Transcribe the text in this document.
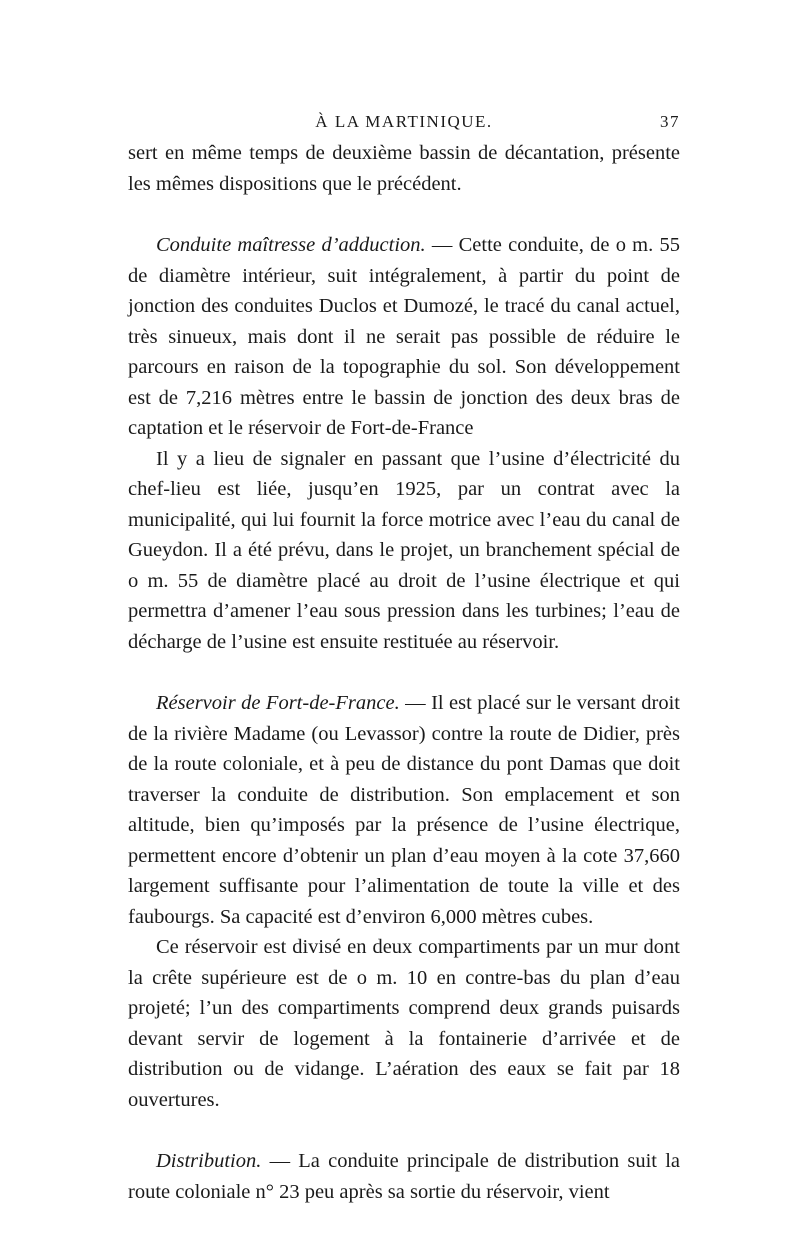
À LA MARTINIQUE.	37

sert en même temps de deuxième bassin de décantation, présente les mêmes dispositions que le précédent.

Conduite maîtresse d’adduction. — Cette conduite, de o m. 55 de diamètre intérieur, suit intégralement, à partir du point de jonction des conduites Duclos et Dumozé, le tracé du canal actuel, très sinueux, mais dont il ne serait pas possible de réduire le parcours en raison de la topographie du sol. Son développement est de 7,216 mètres entre le bassin de jonction des deux bras de captation et le réservoir de Fort-de-France

Il y a lieu de signaler en passant que l’usine d’électricité du chef-lieu est liée, jusqu’en 1925, par un contrat avec la municipalité, qui lui fournit la force motrice avec l’eau du canal de Gueydon. Il a été prévu, dans le projet, un branchement spécial de o m. 55 de diamètre placé au droit de l’usine électrique et qui permettra d’amener l’eau sous pression dans les turbines; l’eau de décharge de l’usine est ensuite restituée au réservoir.

Réservoir de Fort-de-France. — Il est placé sur le versant droit de la rivière Madame (ou Levassor) contre la route de Didier, près de la route coloniale, et à peu de distance du pont Damas que doit traverser la conduite de distribution. Son emplacement et son altitude, bien qu’imposés par la présence de l’usine électrique, permettent encore d’obtenir un plan d’eau moyen à la cote 37,660 largement suffisante pour l’alimentation de toute la ville et des faubourgs. Sa capacité est d’environ 6,000 mètres cubes.

Ce réservoir est divisé en deux compartiments par un mur dont la crête supérieure est de o m. 10 en contre-bas du plan d’eau projeté; l’un des compartiments comprend deux grands puisards devant servir de logement à la fontainerie d’arrivée et de distribution ou de vidange. L’aération des eaux se fait par 18 ouvertures.

Distribution. — La conduite principale de distribution suit la route coloniale n° 23 peu après sa sortie du réservoir, vient
